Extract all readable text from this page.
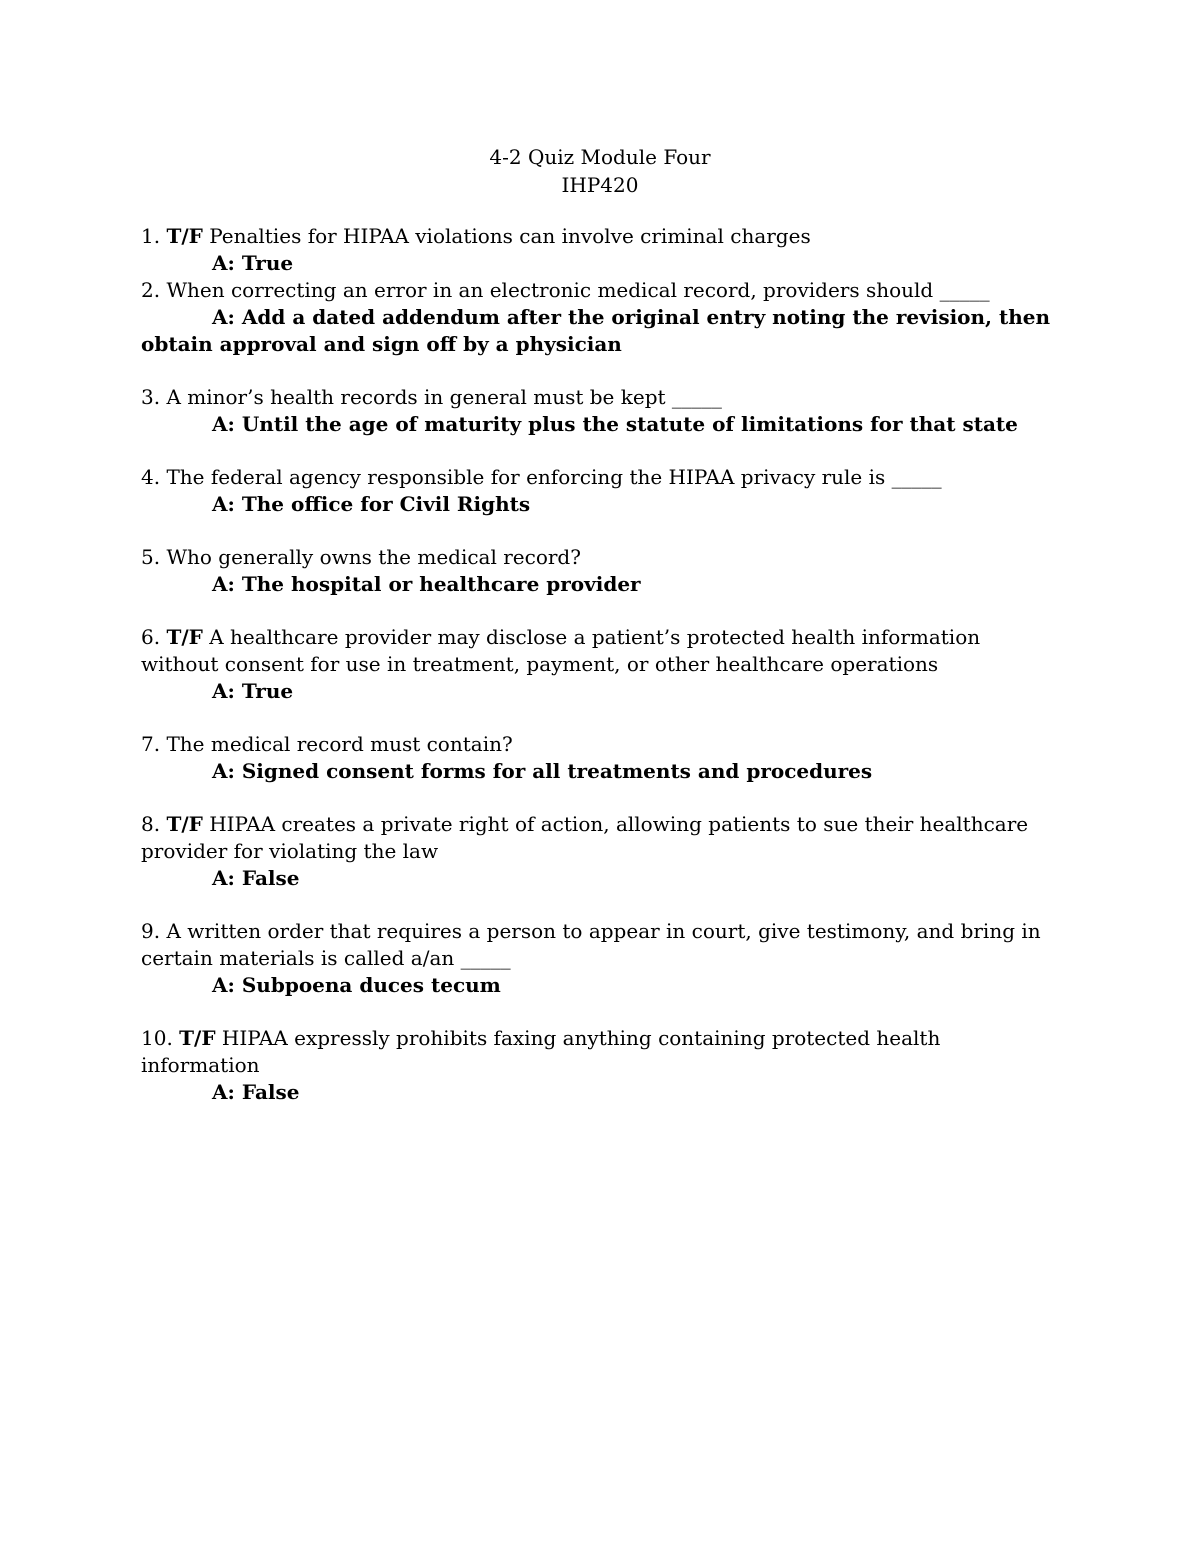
4-2 Quiz Module Four
IHP420

1. T/F Penalties for HIPAA violations can involve criminal charges

A: True

2. When correcting an error in an electronic medical record, providers should _____

A: Add a dated addendum after the original entry noting the revision, then obtain approval and sign off by a physician

3. A minor’s health records in general must be kept _____

A: Until the age of maturity plus the statute of limitations for that state

4. The federal agency responsible for enforcing the HIPAA privacy rule is _____

A: The office for Civil Rights

5. Who generally owns the medical record?

A: The hospital or healthcare provider

6. T/F A healthcare provider may disclose a patient’s protected health information without consent for use in treatment, payment, or other healthcare operations

A: True

7. The medical record must contain?

A: Signed consent forms for all treatments and procedures

8. T/F HIPAA creates a private right of action, allowing patients to sue their healthcare provider for violating the law

A: False

9. A written order that requires a person to appear in court, give testimony, and bring in certain materials is called a/an _____

A: Subpoena duces tecum

10. T/F HIPAA expressly prohibits faxing anything containing protected health information

A: False
